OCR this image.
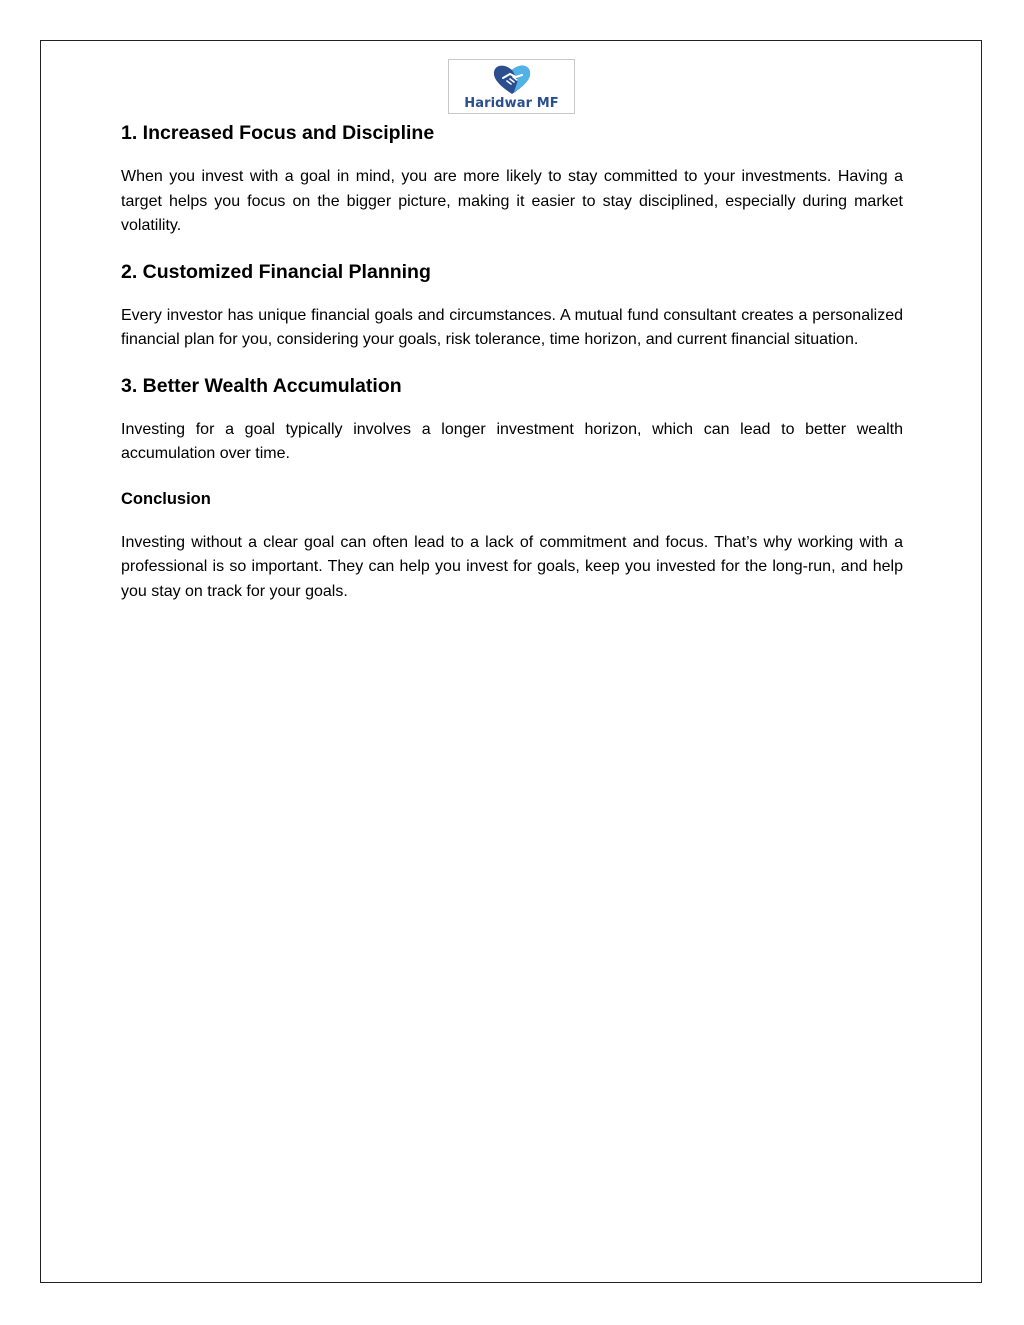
Haridwar MF
1. Increased Focus and Discipline

When you invest with a goal in mind, you are more likely to stay committed to your investments. Having a target helps you focus on the bigger picture, making it easier to stay disciplined, especially during market volatility.

2. Customized Financial Planning

Every investor has unique financial goals and circumstances. A mutual fund consultant creates a personalized financial plan for you, considering your goals, risk tolerance, time horizon, and current financial situation.

3. Better Wealth Accumulation

Investing for a goal typically involves a longer investment horizon, which can lead to better wealth accumulation over time.

Conclusion

Investing without a clear goal can often lead to a lack of commitment and focus. That’s why working with a professional is so important. They can help you invest for goals, keep you invested for the long-run, and help you stay on track for your goals.
